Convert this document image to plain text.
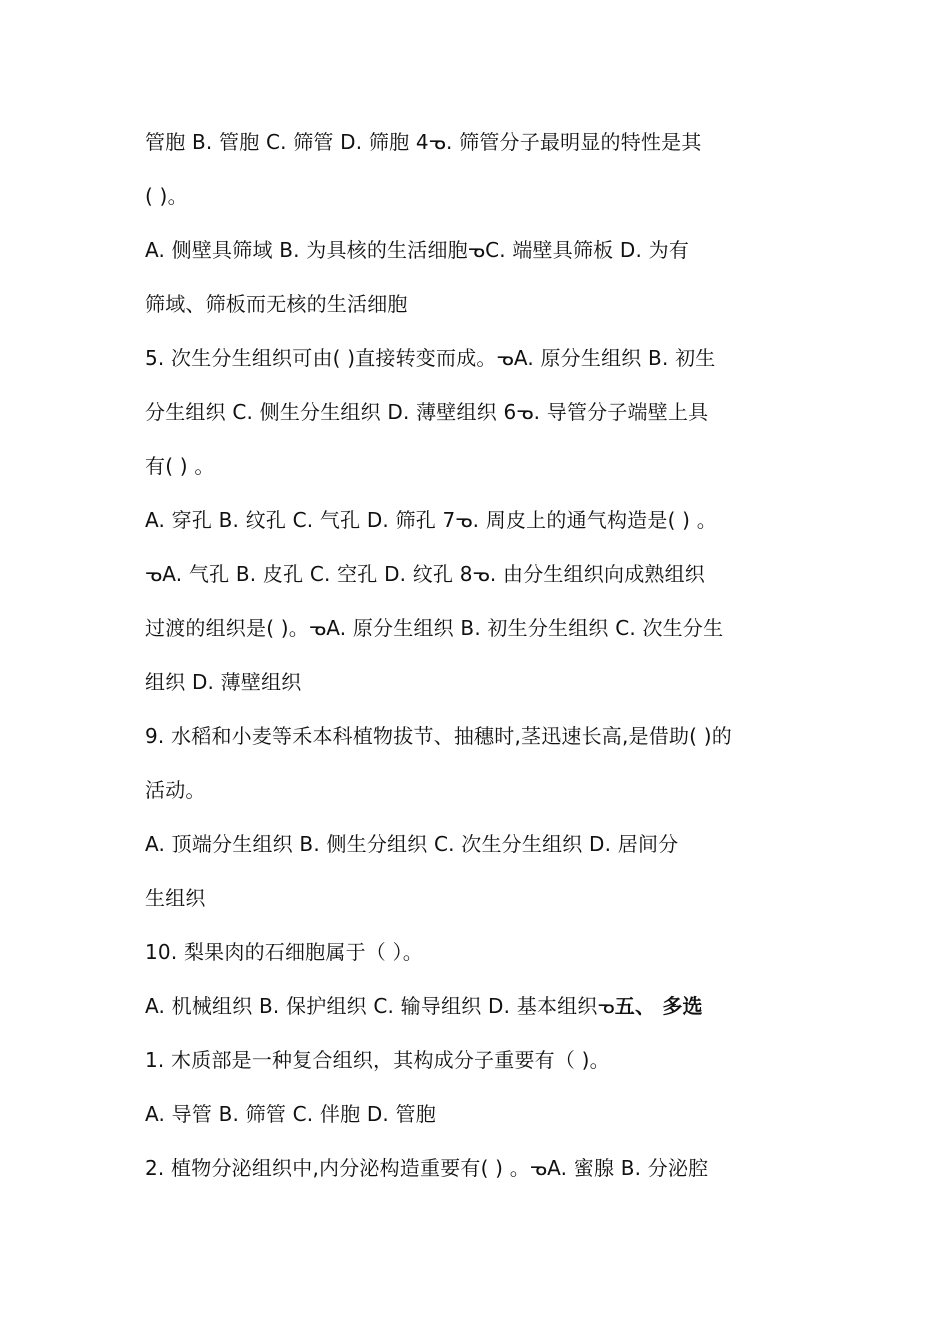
管胞 B. 管胞 C. 筛管 D. 筛胞 4﻿ᓀ. 筛管分子最明显的特性是其
( )。
A. 侧壁具筛域 B. 为具核的生活细胞ᓀC. 端壁具筛板 D. 为有
筛域、筛板而无核的生活细胞
5. 次生分生组织可由( )直接转变而成。ᓀA. 原分生组织 B. 初生
分生组织 C. 侧生分生组织 D. 薄壁组织 6ᓀ. 导管分子端壁上具
有( ) 。
A. 穿孔 B. 纹孔 C. 气孔 D. 筛孔 7ᓀ. 周皮上的通气构造是( ) 。
ᓀA. 气孔 B. 皮孔 C. 空孔 D. 纹孔 8ᓀ. 由分生组织向成熟组织
过渡的组织是( )。ᓀA. 原分生组织 B. 初生分生组织 C. 次生分生
组织 D. 薄壁组织
9. 水稻和小麦等禾本科植物拔节、抽穗时,茎迅速长高,是借助( )的
活动。
A. 顶端分生组织 B. 侧生分组织 C. 次生分生组织 D. 居间分
生组织
10. 梨果肉的石细胞属于（ ）。
A. 机械组织 B. 保护组织 C. 输导组织 D. 基本组织ᓀ五、 多选
1. 木质部是一种复合组织，其构成分子重要有（ )。
A. 导管 B. 筛管 C. 伴胞 D. 管胞
2. 植物分泌组织中,内分泌构造重要有( ) 。ᓀA. 蜜腺 B. 分泌腔
